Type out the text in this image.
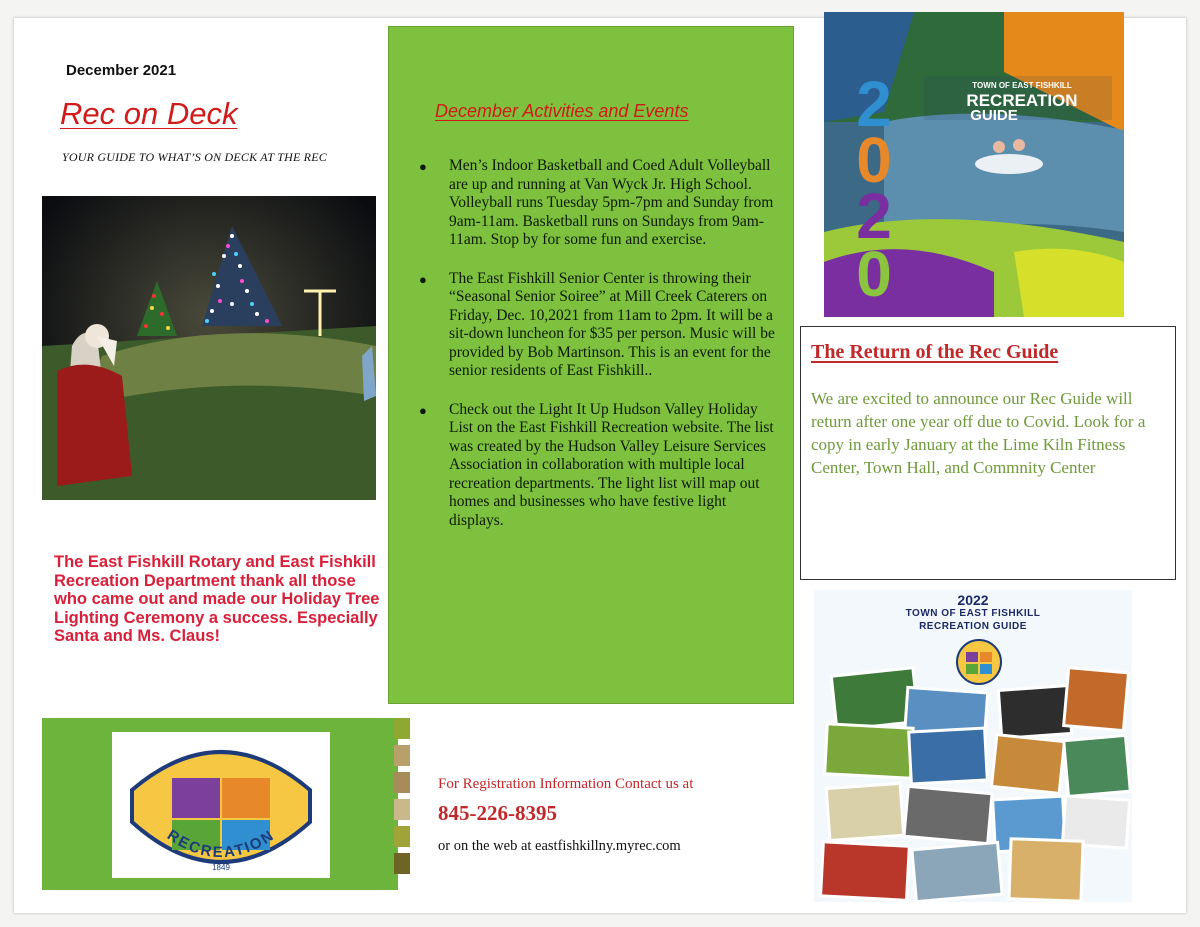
December 2021
Rec on Deck
YOUR GUIDE TO WHAT’S ON DECK AT THE REC
The East Fishkill Rotary and East Fishkill Recreation Department thank all those who came out and made our Holiday Tree Lighting Ceremony a success. Especially Santa and Ms. Claus!
RECREATION
1849
December Activities and Events
● Men’s Indoor Basketball and Coed Adult Volleyball are up and running at Van Wyck Jr. High School. Volleyball runs Tuesday 5pm-7pm and Sunday from 9am-11am. Basketball runs on Sundays from 9am-11am. Stop by for some fun and exercise.
● The East Fishkill Senior Center is throwing their “Seasonal Senior Soiree” at Mill Creek Caterers on Friday, Dec. 10,2021 from 11am to 2pm. It will be a sit-down luncheon for $35 per person. Music will be provided by Bob Martinson. This is an event for the senior residents of East Fishkill..
● Check out the Light It Up Hudson Valley Holiday List on the East Fishkill Recreation website. The list was created by the Hudson Valley Leisure Services Association in collaboration with multiple local recreation departments. The light list will map out homes and businesses who have festive light displays.
For Registration Information Contact us at
845-226-8395
or on the web at eastfishkillny.myrec.com
TOWN OF EAST FISHKILL
RECREATION
GUIDE
2
0
2
0
The Return of the Rec Guide
We are excited to announce our Rec Guide will return after one year off due to Covid. Look for a copy in early January at the Lime Kiln Fitness Center, Town Hall, and Commnity Center
2022
TOWN OF EAST FISHKILL
RECREATION GUIDE
